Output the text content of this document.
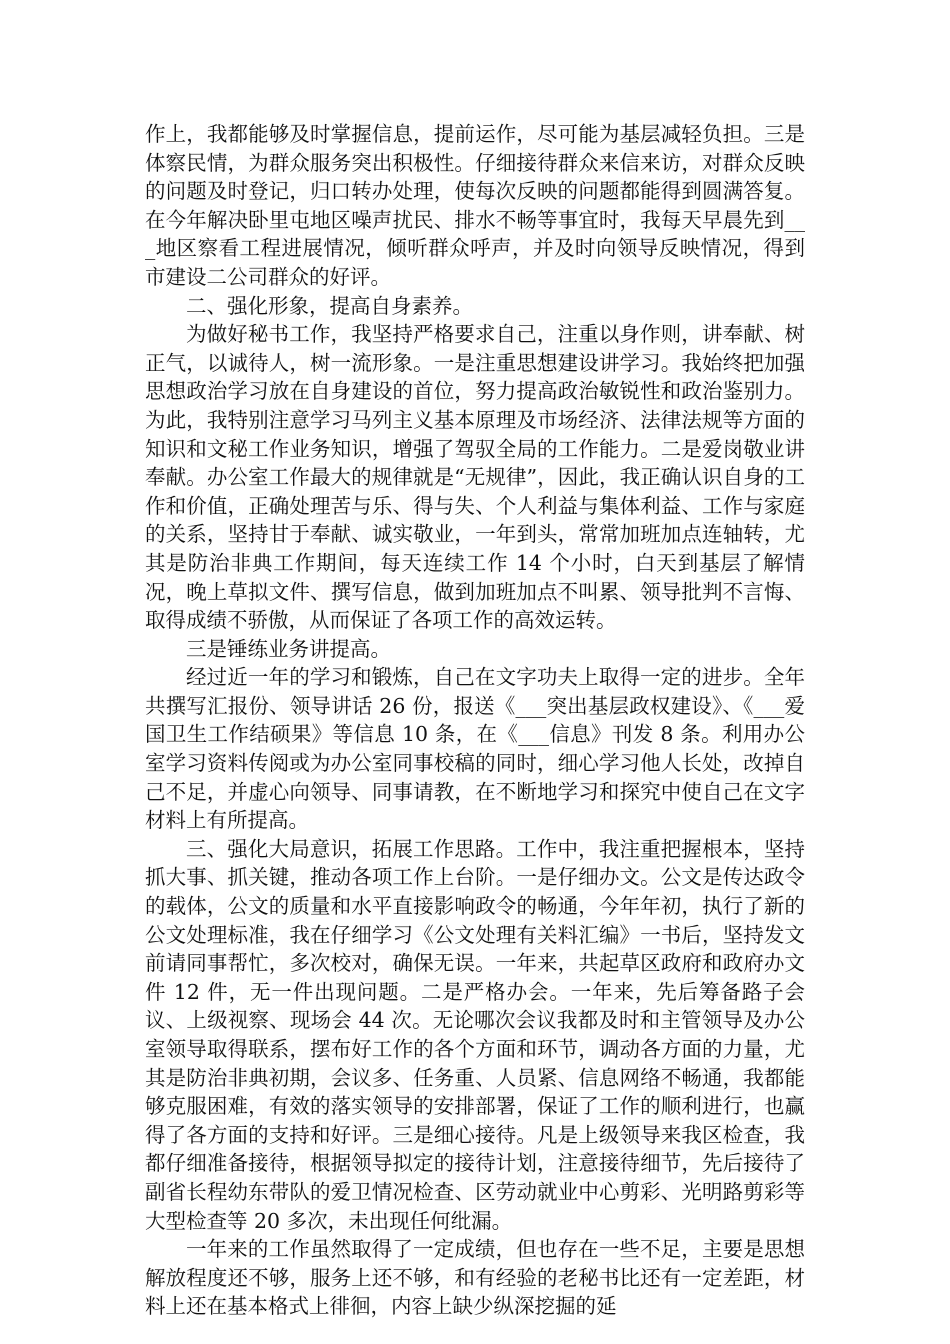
作上，我都能够及时掌握信息，提前运作，尽可能为基层减轻负担。三是体察民情，为群众服务突出积极性。仔细接待群众来信来访，对群众反映的问题及时登记，归口转办处理，使每次反映的问题都能得到圆满答复。在今年解决卧里屯地区噪声扰民、排水不畅等事宜时，我每天早晨先到___地区察看工程进展情况，倾听群众呼声，并及时向领导反映情况，得到市建设二公司群众的好评。

二、强化形象，提高自身素养。

为做好秘书工作，我坚持严格要求自己，注重以身作则，讲奉献、树正气，以诚待人，树一流形象。一是注重思想建设讲学习。我始终把加强思想政治学习放在自身建设的首位，努力提高政治敏锐性和政治鉴别力。为此，我特别注意学习马列主义基本原理及市场经济、法律法规等方面的知识和文秘工作业务知识，增强了驾驭全局的工作能力。二是爱岗敬业讲奉献。办公室工作最大的规律就是“无规律”，因此，我正确认识自身的工作和价值，正确处理苦与乐、得与失、个人利益与集体利益、工作与家庭的关系，坚持甘于奉献、诚实敬业，一年到头，常常加班加点连轴转，尤其是防治非典工作期间，每天连续工作 14 个小时，白天到基层了解情况，晚上草拟文件、撰写信息，做到加班加点不叫累、领导批判不言悔、取得成绩不骄傲，从而保证了各项工作的高效运转。

三是锤练业务讲提高。

经过近一年的学习和锻炼，自己在文字功夫上取得一定的进步。全年共撰写汇报份、领导讲话 26 份，报送《___突出基层政权建设》、《___爱国卫生工作结硕果》等信息 10 条，在《___信息》刊发 8 条。利用办公室学习资料传阅或为办公室同事校稿的同时，细心学习他人长处，改掉自己不足，并虚心向领导、同事请教，在不断地学习和探究中使自己在文字材料上有所提高。

三、强化大局意识，拓展工作思路。工作中，我注重把握根本，坚持抓大事、抓关键，推动各项工作上台阶。一是仔细办文。公文是传达政令的载体，公文的质量和水平直接影响政令的畅通，今年年初，执行了新的公文处理标准，我在仔细学习《公文处理有关料汇编》一书后，坚持发文前请同事帮忙，多次校对，确保无误。一年来，共起草区政府和政府办文件 12 件，无一件出现问题。二是严格办会。一年来，先后筹备路子会议、上级视察、现场会 44 次。无论哪次会议我都及时和主管领导及办公室领导取得联系，摆布好工作的各个方面和环节，调动各方面的力量，尤其是防治非典初期，会议多、任务重、人员紧、信息网络不畅通，我都能够克服困难，有效的落实领导的安排部署，保证了工作的顺利进行，也赢得了各方面的支持和好评。三是细心接待。凡是上级领导来我区检查，我都仔细准备接待，根据领导拟定的接待计划，注意接待细节，先后接待了副省长程幼东带队的爱卫情况检查、区劳动就业中心剪彩、光明路剪彩等大型检查等 20 多次，未出现任何纰漏。

一年来的工作虽然取得了一定成绩，但也存在一些不足，主要是思想解放程度还不够，服务上还不够，和有经验的老秘书比还有一定差距，材料上还在基本格式上徘徊，内容上缺少纵深挖掘的延
